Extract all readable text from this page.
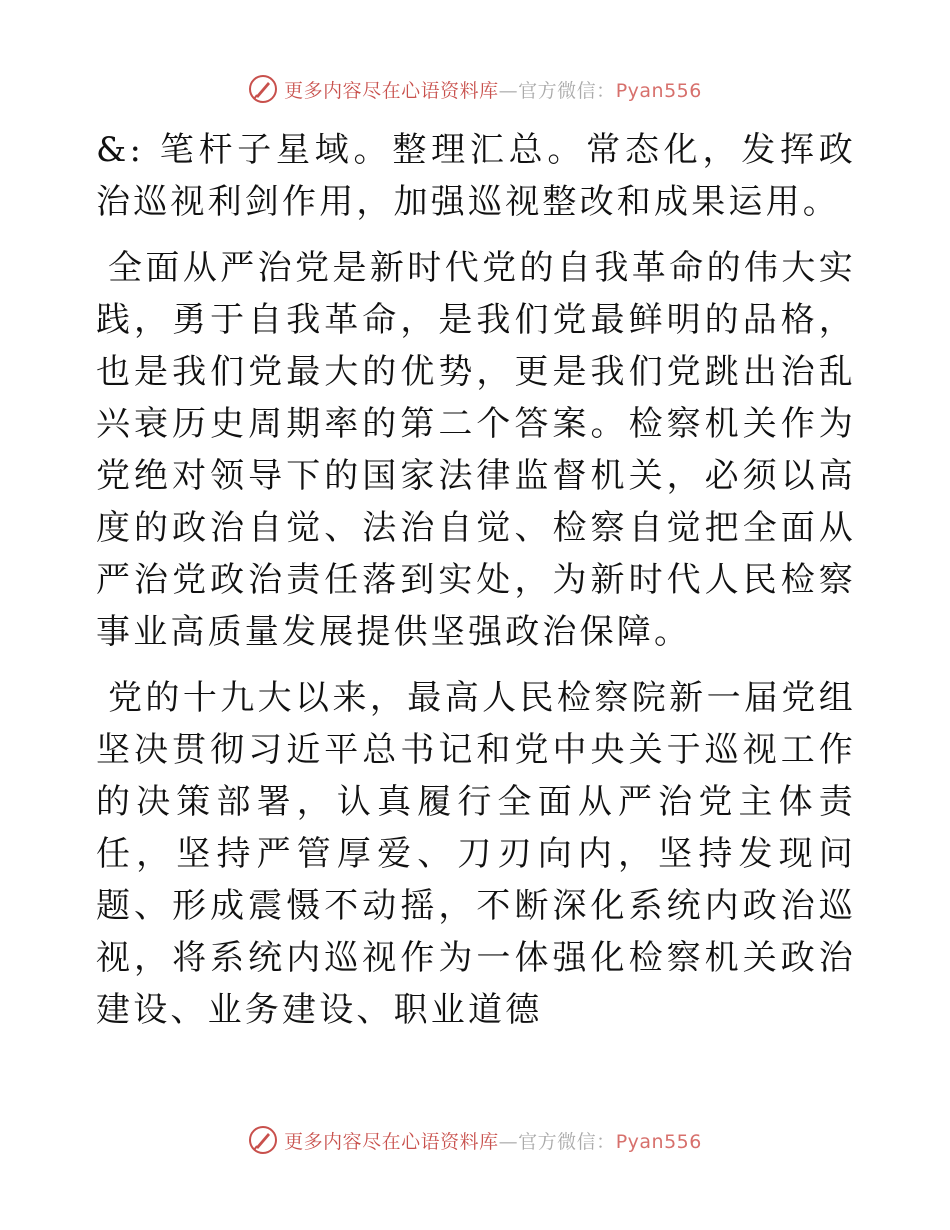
更多内容尽在心语资料库—官方微信：Pyan556

&: 笔杆子星域。整理汇总。常态化，发挥政治巡视利剑作用，加强巡视整改和成果运用。

全面从严治党是新时代党的自我革命的伟大实践，勇于自我革命，是我们党最鲜明的品格，也是我们党最大的优势，更是我们党跳出治乱兴衰历史周期率的第二个答案。检察机关作为党绝对领导下的国家法律监督机关，必须以高度的政治自觉、法治自觉、检察自觉把全面从严治党政治责任落到实处，为新时代人民检察事业高质量发展提供坚强政治保障。

党的十九大以来，最高人民检察院新一届党组坚决贯彻习近平总书记和党中央关于巡视工作的决策部署，认真履行全面从严治党主体责任，坚持严管厚爱、刀刃向内，坚持发现问题、形成震慑不动摇，不断深化系统内政治巡视，将系统内巡视作为一体强化检察机关政治建设、业务建设、职业道德

更多内容尽在心语资料库—官方微信：Pyan556
